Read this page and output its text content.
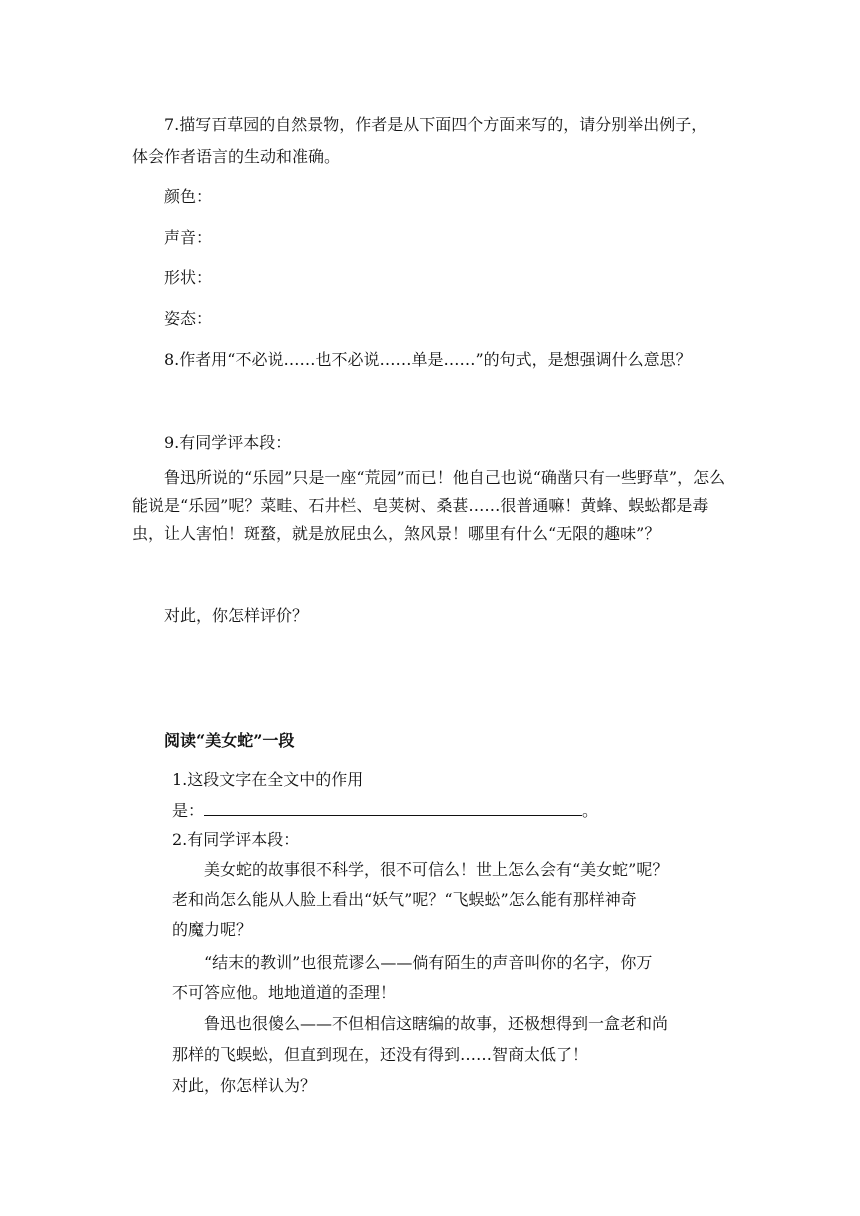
7.描写百草园的自然景物，作者是从下面四个方面来写的，请分别举出例子，
体会作者语言的生动和准确。
颜色：
声音：
形状：
姿态：
8.作者用“不必说……也不必说……单是……”的句式，是想强调什么意思？
9.有同学评本段：
鲁迅所说的“乐园”只是一座“荒园”而已！他自己也说“确凿只有一些野草”，怎么能说是“乐园”呢？菜畦、石井栏、皂荚树、桑葚……很普通嘛！黄蜂、蜈蚣都是毒虫，让人害怕！斑蝥，就是放屁虫么，煞风景！哪里有什么“无限的趣味”？
对此，你怎样评价？
阅读“美女蛇”一段
1.这段文字在全文中的作用
是：	。
2.有同学评本段：
美女蛇的故事很不科学，很不可信么！世上怎么会有“美女蛇”呢？
老和尚怎么能从人脸上看出“妖气”呢？“飞蜈蚣”怎么能有那样神奇
的魔力呢？
“结末的教训”也很荒谬么——倘有陌生的声音叫你的名字，你万
不可答应他。地地道道的歪理！
鲁迅也很傻么——不但相信这瞎编的故事，还极想得到一盒老和尚
那样的飞蜈蚣，但直到现在，还没有得到……智商太低了！
对此，你怎样认为？
